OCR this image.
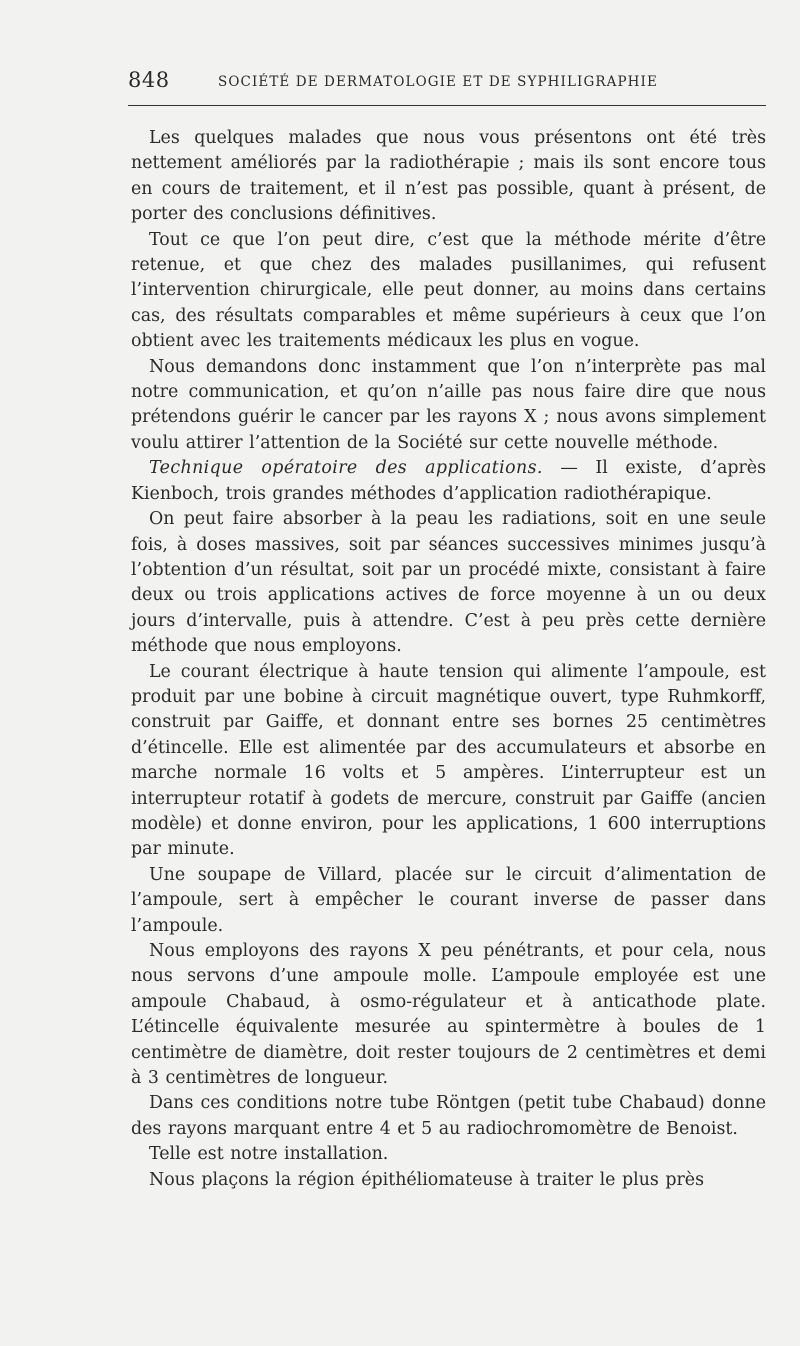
848	SOCIÉTÉ DE DERMATOLOGIE ET DE SYPHILIGRAPHIE

Les quelques malades que nous vous présentons ont été très nettement améliorés par la radiothérapie ; mais ils sont encore tous en cours de traitement, et il n’est pas possible, quant à présent, de porter des conclusions définitives.

Tout ce que l’on peut dire, c’est que la méthode mérite d’être retenue, et que chez des malades pusillanimes, qui refusent l’intervention chirurgicale, elle peut donner, au moins dans certains cas, des résultats comparables et même supérieurs à ceux que l’on obtient avec les traitements médicaux les plus en vogue.

Nous demandons donc instamment que l’on n’interprète pas mal notre communication, et qu’on n’aille pas nous faire dire que nous prétendons guérir le cancer par les rayons X ; nous avons simplement voulu attirer l’attention de la Société sur cette nouvelle méthode.

Technique opératoire des applications. — Il existe, d’après Kienboch, trois grandes méthodes d’application radiothérapique.

On peut faire absorber à la peau les radiations, soit en une seule fois, à doses massives, soit par séances successives minimes jusqu’à l’obtention d’un résultat, soit par un procédé mixte, consistant à faire deux ou trois applications actives de force moyenne à un ou deux jours d’intervalle, puis à attendre. C’est à peu près cette dernière méthode que nous employons.

Le courant électrique à haute tension qui alimente l’ampoule, est produit par une bobine à circuit magnétique ouvert, type Ruhmkorff, construit par Gaiffe, et donnant entre ses bornes 25 centimètres d’étincelle. Elle est alimentée par des accumulateurs et absorbe en marche normale 16 volts et 5 ampères. L’interrupteur est un interrupteur rotatif à godets de mercure, construit par Gaiffe (ancien modèle) et donne environ, pour les applications, 1 600 interruptions par minute.

Une soupape de Villard, placée sur le circuit d’alimentation de l’ampoule, sert à empêcher le courant inverse de passer dans l’ampoule.

Nous employons des rayons X peu pénétrants, et pour cela, nous nous servons d’une ampoule molle. L’ampoule employée est une ampoule Chabaud, à osmo-régulateur et à anticathode plate. L’étincelle équivalente mesurée au spintermètre à boules de 1 centimètre de diamètre, doit rester toujours de 2 centimètres et demi à 3 centimètres de longueur.

Dans ces conditions notre tube Röntgen (petit tube Chabaud) donne des rayons marquant entre 4 et 5 au radiochromomètre de Benoist.

Telle est notre installation.

Nous plaçons la région épithéliomateuse à traiter le plus près
